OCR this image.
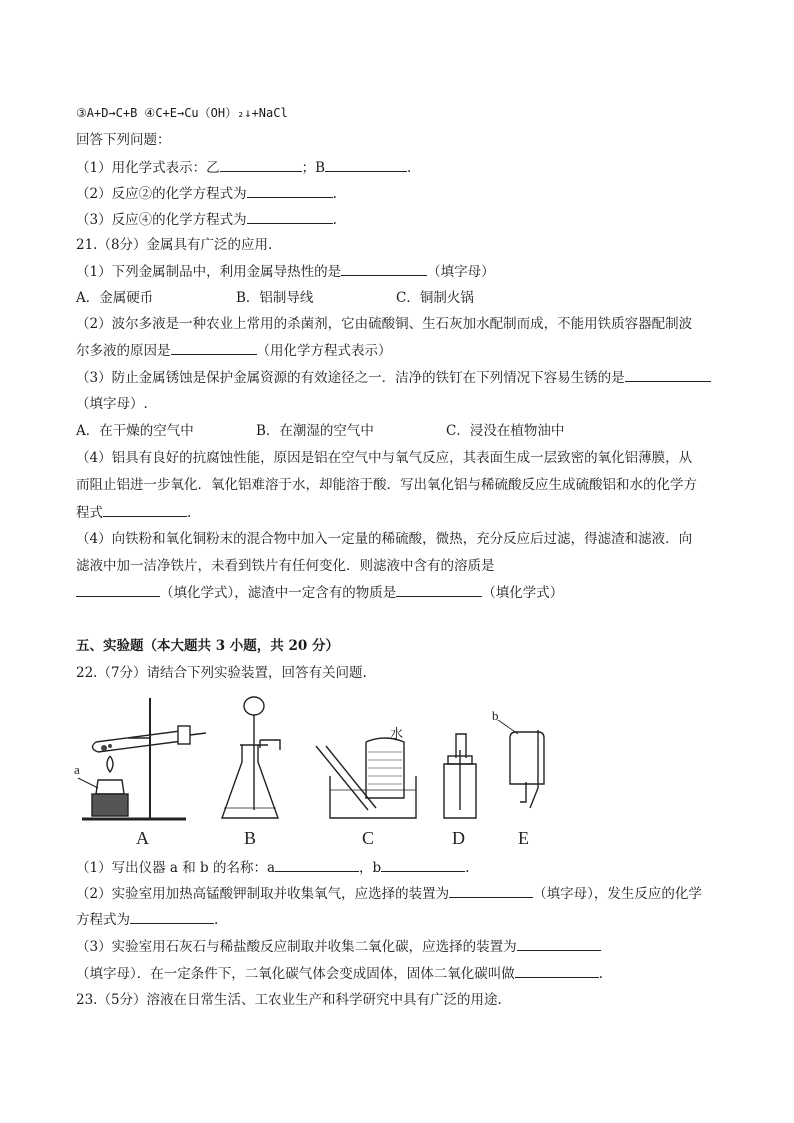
③A+D→C+B ④C+E→Cu（OH）₂↓+NaCl
回答下列问题：
（1）用化学式表示：乙	；B	.
（2）反应②的化学方程式为	.
（3）反应④的化学方程式为	.
21.（8分）金属具有广泛的应用.
（1）下列金属制品中，利用金属导热性的是	（填字母）
A．金属硬币	B．铝制导线	C．铜制火锅
（2）波尔多液是一种农业上常用的杀菌剂，它由硫酸铜、生石灰加水配制而成，不能用铁质容器配制波
尔多液的原因是	（用化学方程式表示）
（3）防止金属锈蚀是保护金属资源的有效途径之一．洁净的铁钉在下列情况下容易生锈的是
（填字母）.
A．在干燥的空气中	B．在潮湿的空气中	C．浸没在植物油中
（4）铝具有良好的抗腐蚀性能，原因是铝在空气中与氧气反应，其表面生成一层致密的氧化铝薄膜，从
而阻止铝进一步氧化．氧化铝难溶于水，却能溶于酸．写出氧化铝与稀硫酸反应生成硫酸铝和水的化学方
程式	.
（4）向铁粉和氧化铜粉末的混合物中加入一定量的稀硫酸，微热，充分反应后过滤，得滤渣和滤液．向
滤液中加一洁净铁片，未看到铁片有任何变化．则滤液中含有的溶质是
（填化学式），滤渣中一定含有的物质是	（填化学式）
五、实验题（本大题共 3 小题，共 20 分）
22.（7分）请结合下列实验装置，回答有关问题.
a
b
水
A	B	C	D	E
（1）写出仪器 a 和 b 的名称：a	，b	.
（2）实验室用加热高锰酸钾制取并收集氧气，应选择的装置为	（填字母），发生反应的化学
方程式为	.
（3）实验室用石灰石与稀盐酸反应制取并收集二氧化碳，应选择的装置为
（填字母）．在一定条件下，二氧化碳气体会变成固体，固体二氧化碳叫做	.
23.（5分）溶液在日常生活、工农业生产和科学研究中具有广泛的用途.
